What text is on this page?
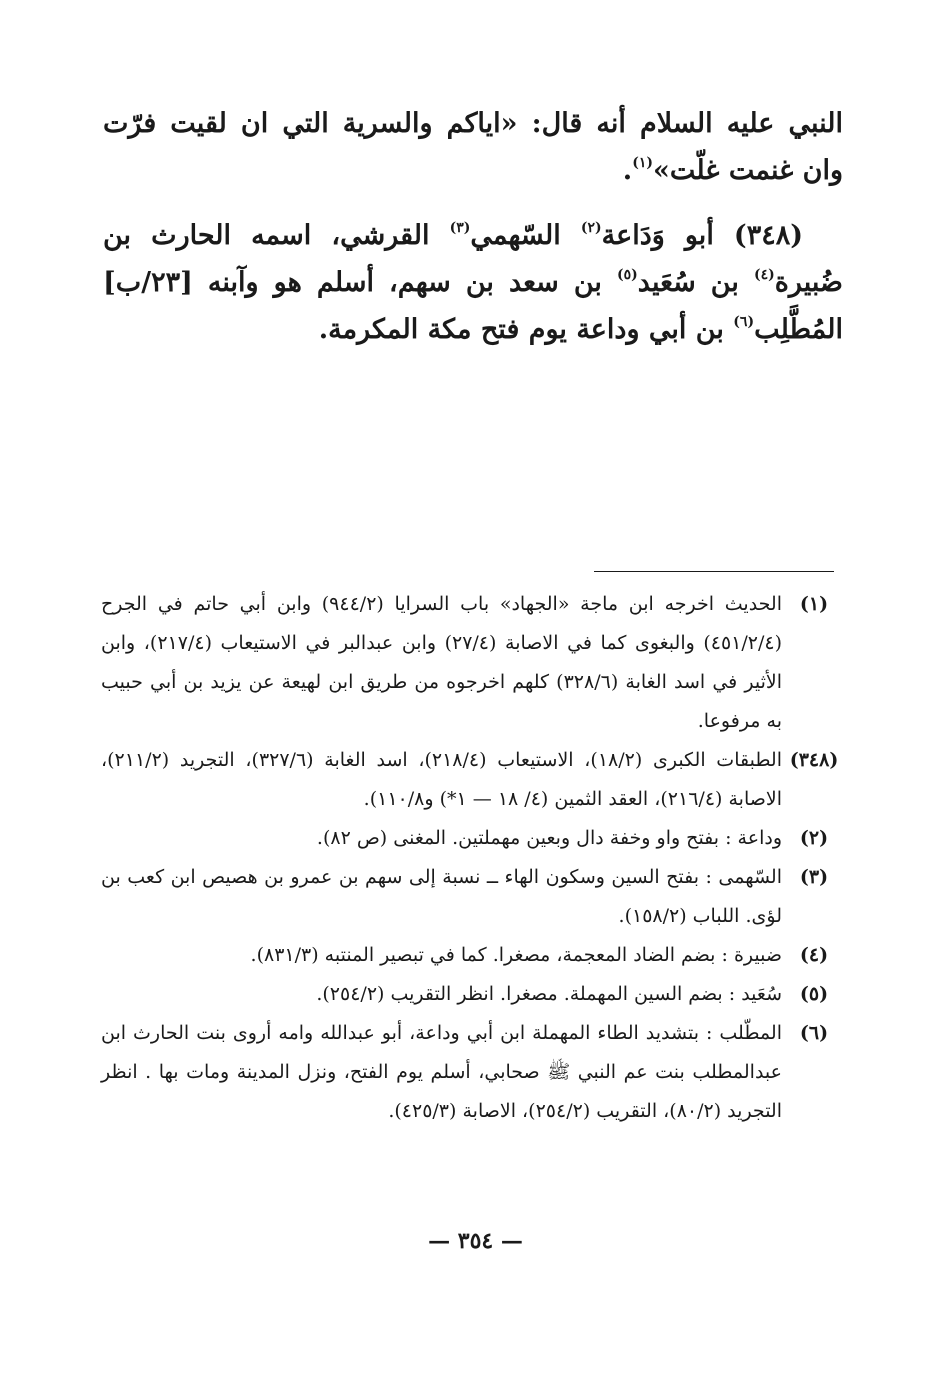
النبي عليه السلام أنه قال: «اياكم والسرية التي ان لقيت فرّت وان غنمت غلّت»$^{(١)}$.

(٣٤٨) أبو وَدَاعة$^{(٢)}$ السّهمي$^{(٣)}$ القرشي، اسمه الحارث بن ضُبيرة$^{(٤)}$ بن سُعَيد$^{(٥)}$ بن سعد بن سهم، أسلم هو وآبنه [٢٣/ب] المُطَّلِب$^{(٦)}$ بن أبي وداعة يوم فتح مكة المكرمة.

(١)
الحديث اخرجه ابن ماجة «الجهاد» باب السرايا (٩٤٤/٢) وابن أبي حاتم في الجرح (٤٥١/٢/٤) والبغوى كما في الاصابة (٢٧/٤) وابن عبدالبر في الاستيعاب (٢١٧/٤)، وابن الأثير في اسد الغابة (٣٢٨/٦) كلهم اخرجوه من طريق ابن لهيعة عن يزيد بن أبي حبيب به مرفوعا.
(٣٤٨)
الطبقات الكبرى (١٨/٢)، الاستيعاب (٢١٨/٤)، اسد الغابة (٣٢٧/٦)، التجريد (٢١١/٢)، الاصابة (٢١٦/٤)، العقد الثمين (٤/ ١٨ — ١*) و١١٠/٨).
(٢)
وداعة : بفتح واو وخفة دال وبعين مهملتين. المغنى (ص ٨٢).
(٣)
السّهمى : بفتح السين وسكون الهاء ــ نسبة إلى سهم بن عمرو بن هصيص ابن كعب بن لؤى. اللباب (١٥٨/٢).
(٤)
ضبيرة : بضم الضاد المعجمة، مصغرا. كما في تبصير المنتبه (٨٣١/٣).
(٥)
سُعَيد : بضم السين المهملة. مصغرا. انظر التقريب (٢٥٤/٢).
(٦)
المطّلب : بتشديد الطاء المهملة ابن أبي وداعة، أبو عبدالله وامه أروى بنت الحارث ابن عبدالمطلب بنت عم النبي ﷺ صحابي، أسلم يوم الفتح، ونزل المدينة ومات بها . انظر التجريد (٨٠/٢)، التقريب (٢٥٤/٢)، الاصابة (٤٢٥/٣).
— ٣٥٤ —
